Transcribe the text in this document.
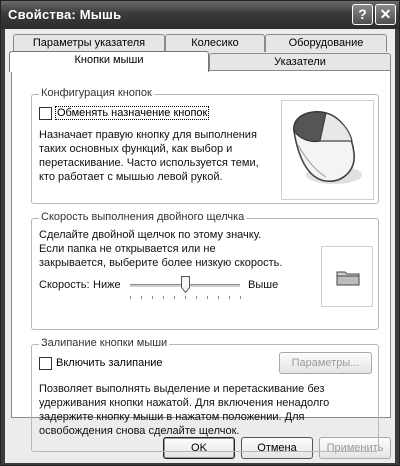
Свойства: Мышь	? ✕
Параметры указателя	Колесико	Оборудование
Кнопки мыши	Указатели
Конфигурация кнопок
Обменять назначение кнопок
Назначает правую кнопку для выполнения
таких основных функций, как выбор и
перетаскивание. Часто используется теми,
кто работает с мышью левой рукой.
Скорость выполнения двойного щелчка
Сделайте двойной щелчок по этому значку.
Если папка не открывается или не
закрывается, выберите более низкую скорость.
Скорость: Ниже	Выше
Залипание кнопки мыши
Включить залипание	Параметры...
Позволяет выполнять выделение и перетаскивание без
удерживания кнопки нажатой. Для включения ненадолго
задержите кнопку мыши в нажатом положении. Для
освобождения снова сделайте щелчок.
OK	Отмена	Применить
